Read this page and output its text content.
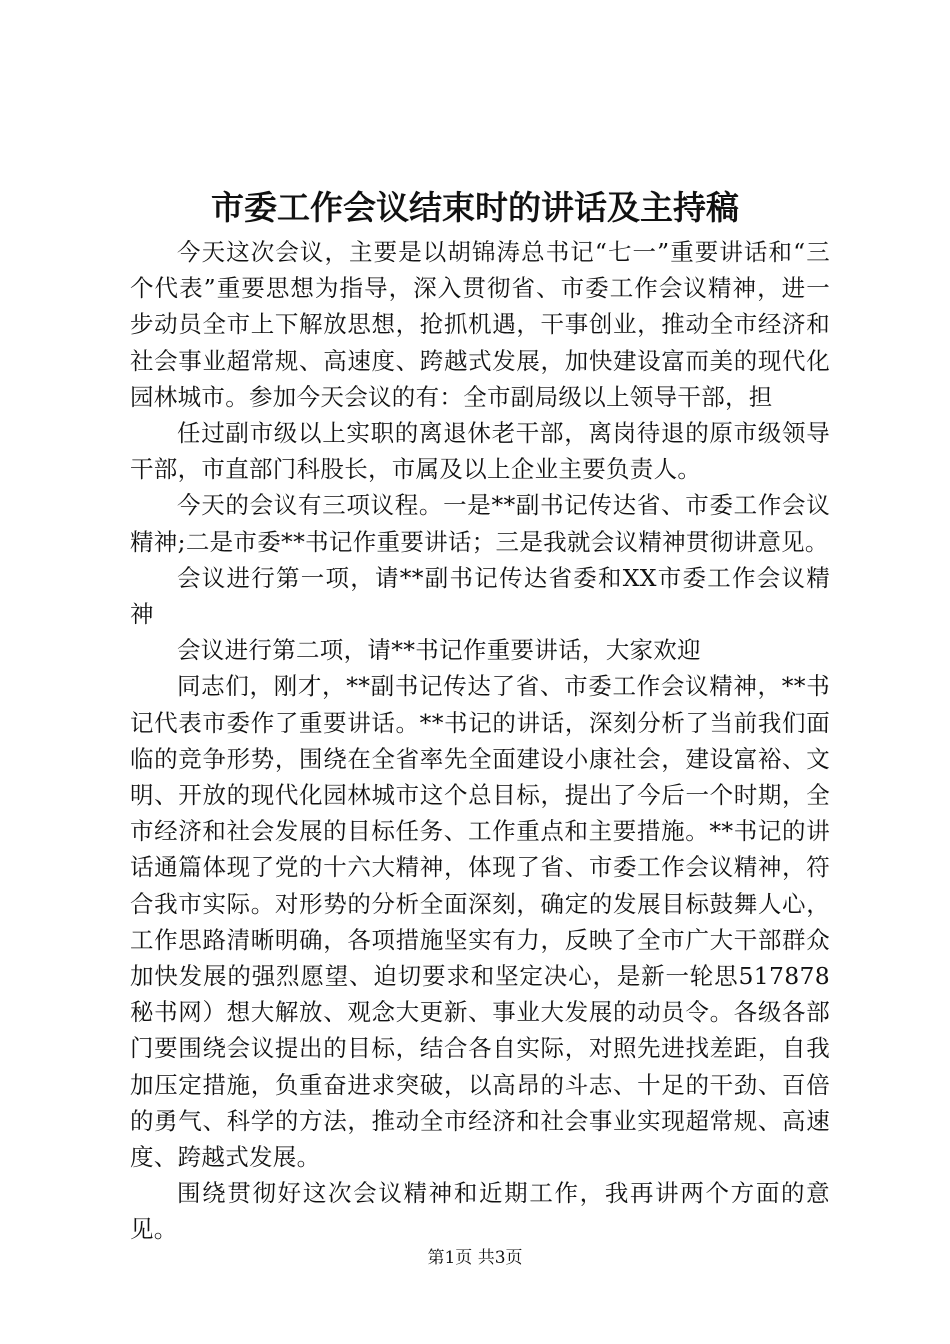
市委工作会议结束时的讲话及主持稿

今天这次会议，主要是以胡锦涛总书记“七一”重要讲话和“三个代表”重要思想为指导，深入贯彻省、市委工作会议精神，进一步动员全市上下解放思想，抢抓机遇，干事创业，推动全市经济和社会事业超常规、高速度、跨越式发展，加快建设富而美的现代化园林城市。参加今天会议的有：全市副局级以上领导干部，担

任过副市级以上实职的离退休老干部，离岗待退的原市级领导干部，市直部门科股长，市属及以上企业主要负责人。

今天的会议有三项议程。一是**副书记传达省、市委工作会议精神;二是市委**书记作重要讲话；三是我就会议精神贯彻讲意见。

会议进行第一项，请**副书记传达省委和XX市委工作会议精神

会议进行第二项，请**书记作重要讲话，大家欢迎

同志们，刚才，**副书记传达了省、市委工作会议精神，**书记代表市委作了重要讲话。**书记的讲话，深刻分析了当前我们面临的竞争形势，围绕在全省率先全面建设小康社会，建设富裕、文明、开放的现代化园林城市这个总目标，提出了今后一个时期，全市经济和社会发展的目标任务、工作重点和主要措施。**书记的讲话通篇体现了党的十六大精神，体现了省、市委工作会议精神，符合我市实际。对形势的分析全面深刻，确定的发展目标鼓舞人心，工作思路清晰明确，各项措施坚实有力，反映了全市广大干部群众加快发展的强烈愿望、迫切要求和坚定决心，是新一轮思517878秘书网）想大解放、观念大更新、事业大发展的动员令。各级各部门要围绕会议提出的目标，结合各自实际，对照先进找差距，自我加压定措施，负重奋进求突破，以高昂的斗志、十足的干劲、百倍的勇气、科学的方法，推动全市经济和社会事业实现超常规、高速度、跨越式发展。

围绕贯彻好这次会议精神和近期工作，我再讲两个方面的意见。

第1页 共3页
